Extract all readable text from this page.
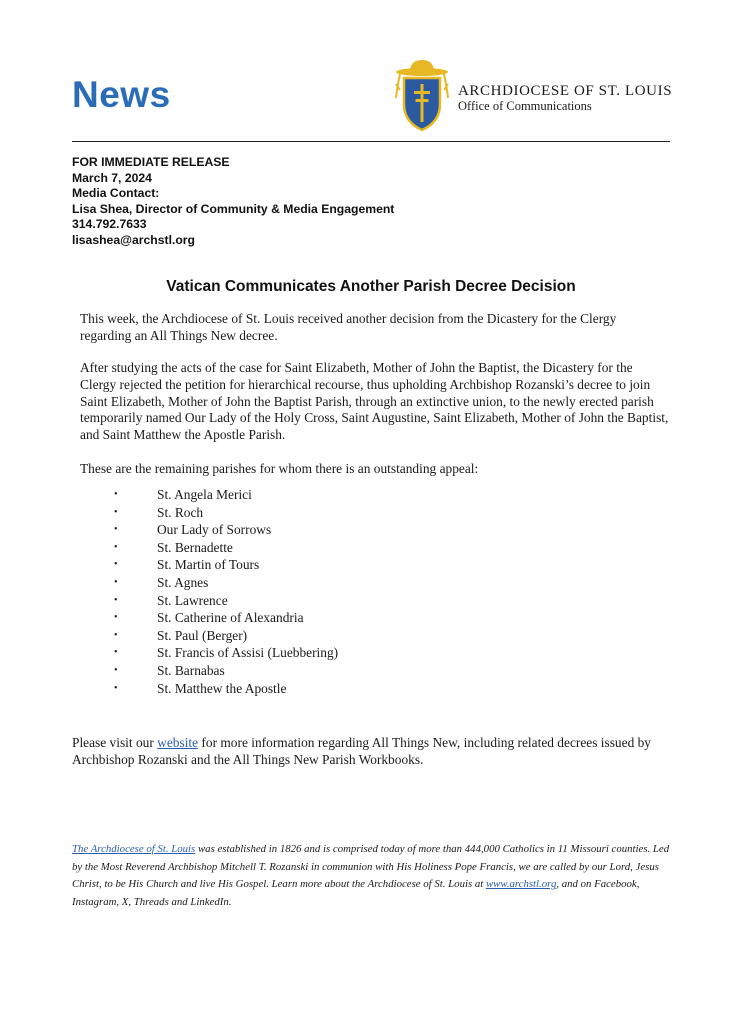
News	ARCHDIOCESE OF ST. LOUIS
Office of Communications
FOR IMMEDIATE RELEASE
March 7, 2024
Media Contact:
Lisa Shea, Director of Community & Media Engagement
314.792.7633
lisashea@archstl.org
Vatican Communicates Another Parish Decree Decision
This week, the Archdiocese of St. Louis received another decision from the Dicastery for the Clergy regarding an All Things New decree.
After studying the acts of the case for Saint Elizabeth, Mother of John the Baptist, the Dicastery for the Clergy rejected the petition for hierarchical recourse, thus upholding Archbishop Rozanski’s decree to join Saint Elizabeth, Mother of John the Baptist Parish, through an extinctive union, to the newly erected parish temporarily named Our Lady of the Holy Cross, Saint Augustine, Saint Elizabeth, Mother of John the Baptist, and Saint Matthew the Apostle Parish.
These are the remaining parishes for whom there is an outstanding appeal:
•	St. Angela Merici
•	St. Roch
•	Our Lady of Sorrows
•	St. Bernadette
•	St. Martin of Tours
•	St. Agnes
•	St. Lawrence
•	St. Catherine of Alexandria
•	St. Paul (Berger)
•	St. Francis of Assisi (Luebbering)
•	St. Barnabas
•	St. Matthew the Apostle
Please visit our website for more information regarding All Things New, including related decrees issued by Archbishop Rozanski and the All Things New Parish Workbooks.
The Archdiocese of St. Louis was established in 1826 and is comprised today of more than 444,000 Catholics in 11 Missouri counties. Led by the Most Reverend Archbishop Mitchell T. Rozanski in communion with His Holiness Pope Francis, we are called by our Lord, Jesus Christ, to be His Church and live His Gospel. Learn more about the Archdiocese of St. Louis at www.archstl.org, and on Facebook, Instagram, X, Threads and LinkedIn.
